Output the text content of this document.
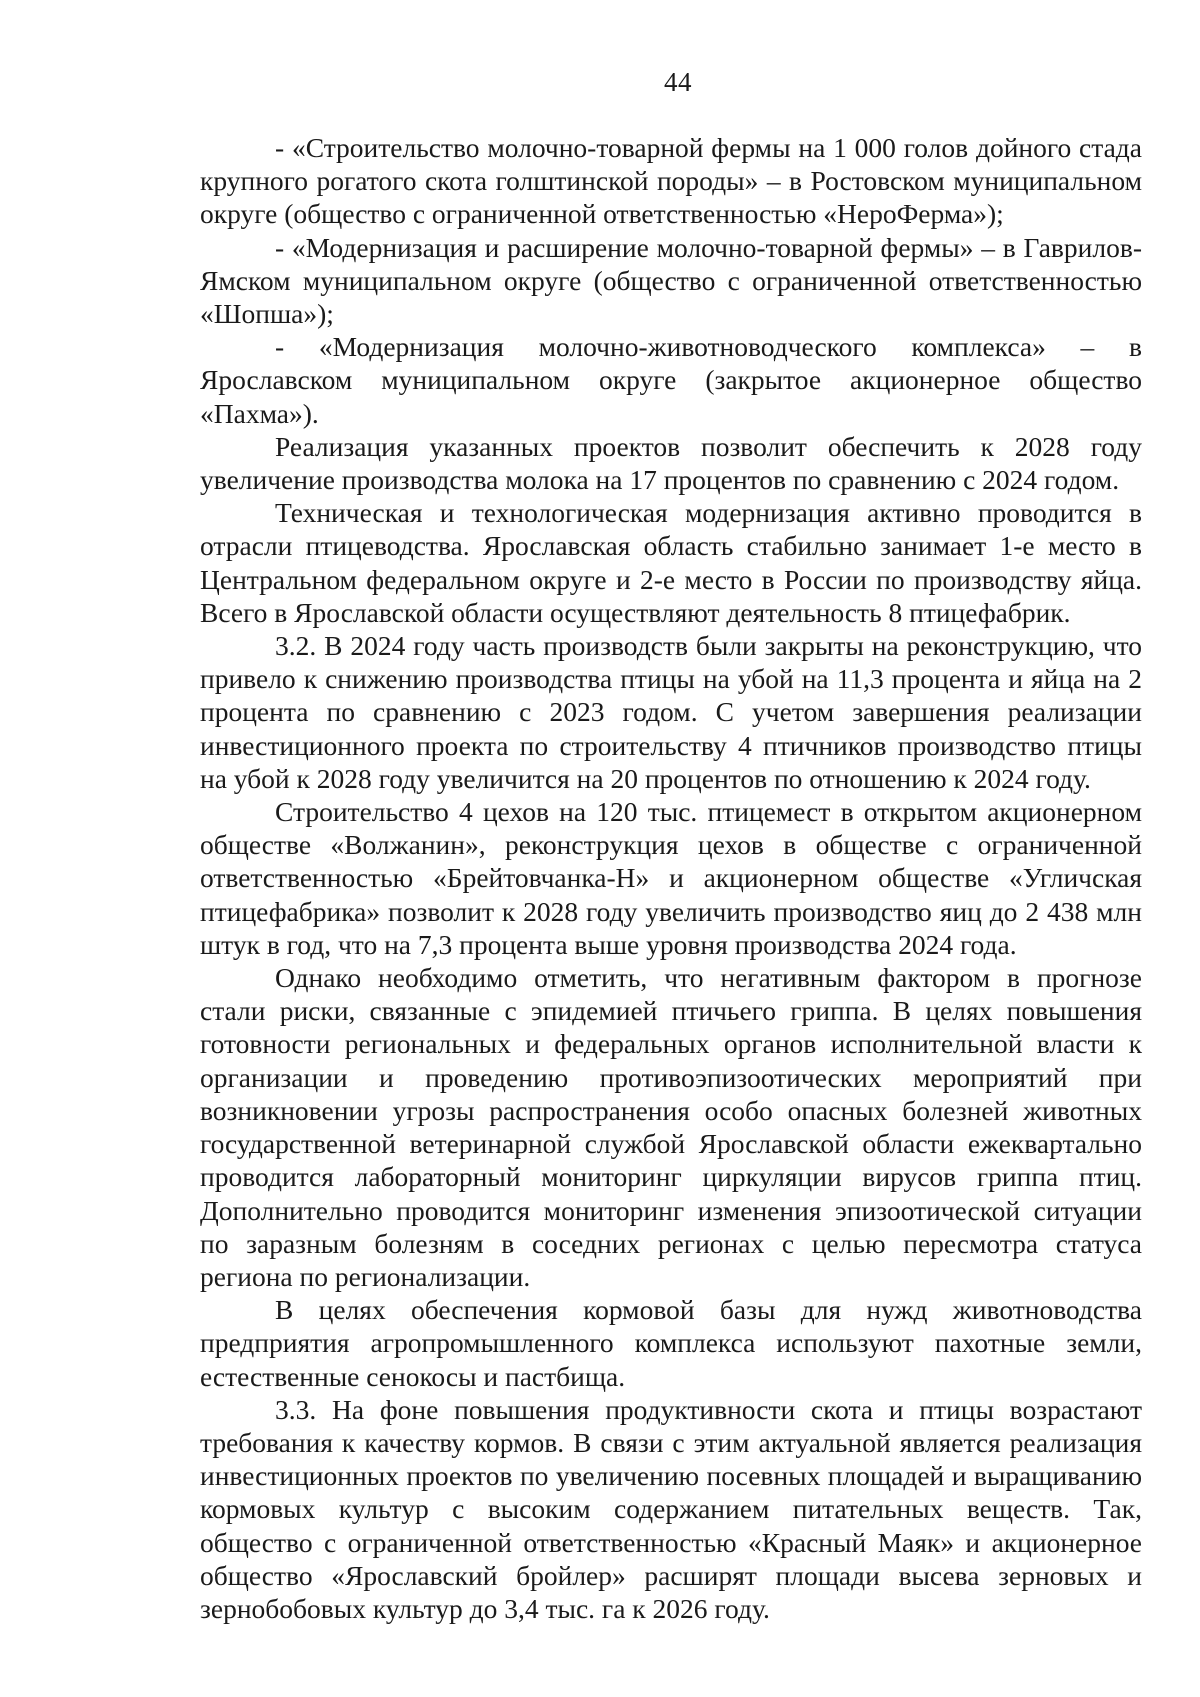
44

- «Строительство молочно-товарной фермы на 1 000 голов дойного стада крупного рогатого скота голштинской породы» – в Ростовском муниципальном округе (общество с ограниченной ответственностью «НероФерма»);

- «Модернизация и расширение молочно-товарной фермы» – в Гаврилов-Ямском муниципальном округе (общество с ограниченной ответственностью «Шопша»);

- «Модернизация молочно-животноводческого комплекса» – в Ярославском муниципальном округе (закрытое акционерное общество «Пахма»).

Реализация указанных проектов позволит обеспечить к 2028 году увеличение производства молока на 17 процентов по сравнению с 2024 годом.

Техническая и технологическая модернизация активно проводится в отрасли птицеводства. Ярославская область стабильно занимает 1-е место в Центральном федеральном округе и 2-е место в России по производству яйца. Всего в Ярославской области осуществляют деятельность 8 птицефабрик.

3.2. В 2024 году часть производств были закрыты на реконструкцию, что привело к снижению производства птицы на убой на 11,3 процента и яйца на 2 процента по сравнению с 2023 годом. С учетом завершения реализации инвестиционного проекта по строительству 4 птичников производство птицы на убой к 2028 году увеличится на 20 процентов по отношению к 2024 году.

Строительство 4 цехов на 120 тыс. птицемест в открытом акционерном обществе «Волжанин», реконструкция цехов в обществе с ограниченной ответственностью «Брейтовчанка-Н» и акционерном обществе «Угличская птицефабрика» позволит к 2028 году увеличить производство яиц до 2 438 млн штук в год, что на 7,3 процента выше уровня производства 2024 года.

Однако необходимо отметить, что негативным фактором в прогнозе стали риски, связанные с эпидемией птичьего гриппа. В целях повышения готовности региональных и федеральных органов исполнительной власти к организации и проведению противоэпизоотических мероприятий при возникновении угрозы распространения особо опасных болезней животных государственной ветеринарной службой Ярославской области ежеквартально проводится лабораторный мониторинг циркуляции вирусов гриппа птиц. Дополнительно проводится мониторинг изменения эпизоотической ситуации по заразным болезням в соседних регионах с целью пересмотра статуса региона по регионализации.

В целях обеспечения кормовой базы для нужд животноводства предприятия агропромышленного комплекса используют пахотные земли, естественные сенокосы и пастбища.

3.3. На фоне повышения продуктивности скота и птицы возрастают требования к качеству кормов. В связи с этим актуальной является реализация инвестиционных проектов по увеличению посевных площадей и выращиванию кормовых культур с высоким содержанием питательных веществ. Так, общество с ограниченной ответственностью «Красный Маяк» и акционерное общество «Ярославский бройлер» расширят площади высева зерновых и зернобобовых культур до 3,4 тыс. га к 2026 году.
